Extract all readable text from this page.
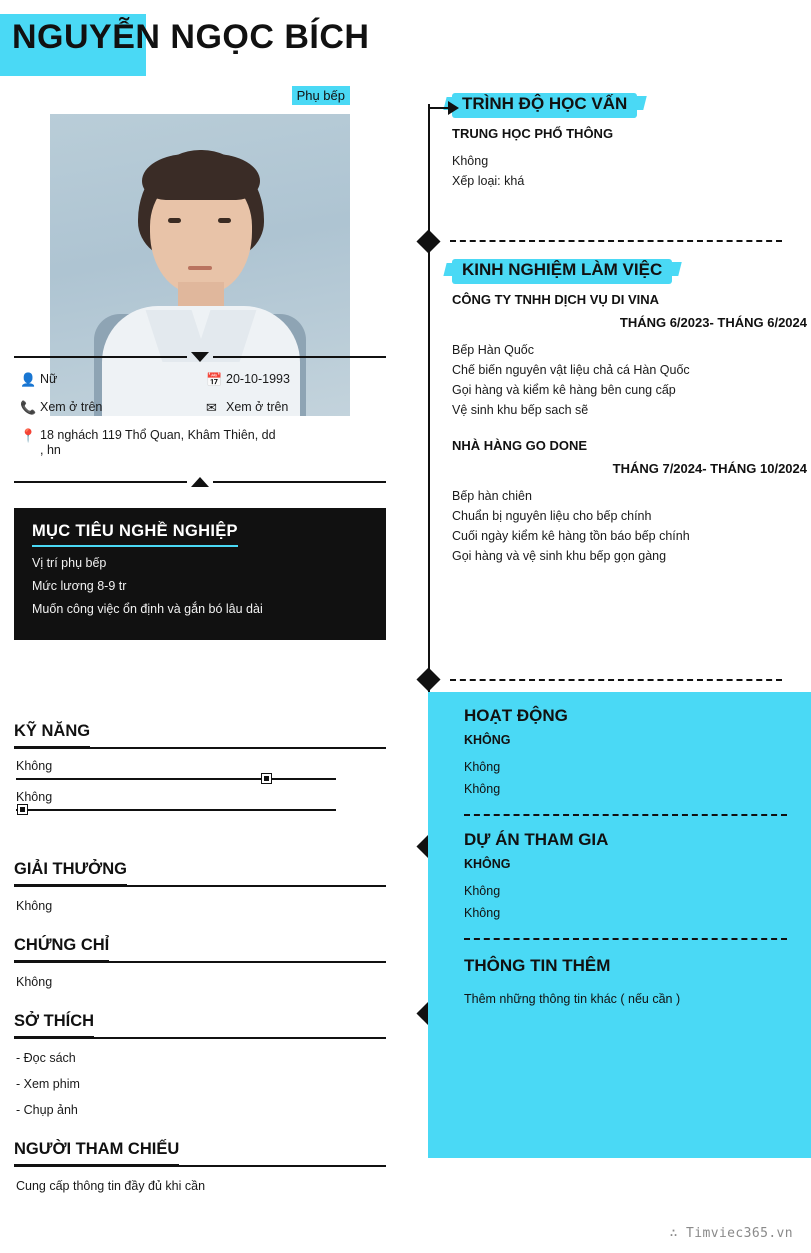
NGUYỄN NGỌC BÍCH
Phụ bếp
👤 Nữ	📅 20-10-1993
📞 Xem ở trên	✉ Xem ở trên
📍 18 nghách 119 Thổ Quan, Khâm Thiên, dd
, hn
MỤC TIÊU NGHỀ NGHIỆP

Vị trí phụ bếp

Mức lương 8-9 tr

Muốn công việc ổn định và gắn bó lâu dài

KỸ NĂNG
Không
Không
GIẢI THƯỞNG

Không

CHỨNG CHỈ

Không

SỞ THÍCH

- Đọc sách

- Xem phim

- Chụp ảnh

NGƯỜI THAM CHIẾU

Cung cấp thông tin đầy đủ khi cần

TRÌNH ĐỘ HỌC VẤN
TRUNG HỌC PHỔ THÔNG

Không

Xếp loại: khá

KINH NGHIỆM LÀM VIỆC
CÔNG TY TNHH DỊCH VỤ DI VINA
THÁNG 6/2023- THÁNG 6/2024

Bếp Hàn Quốc

Chế biến nguyên vật liệu chả cá Hàn Quốc

Gọi hàng và kiểm kê hàng bên cung cấp

Vệ sinh khu bếp sach sẽ

NHÀ HÀNG GO DONE
THÁNG 7/2024- THÁNG 10/2024

Bếp hàn chiên

Chuẩn bị nguyên liệu cho bếp chính

Cuối ngày kiểm kê hàng tồn báo bếp chính

Gọi hàng và vệ sinh khu bếp gọn gàng

HOẠT ĐỘNG
KHÔNG

Không

Không

DỰ ÁN THAM GIA
KHÔNG

Không

Không

THÔNG TIN THÊM

Thêm những thông tin khác ( nếu cần )

∴ Timviec365.vn
